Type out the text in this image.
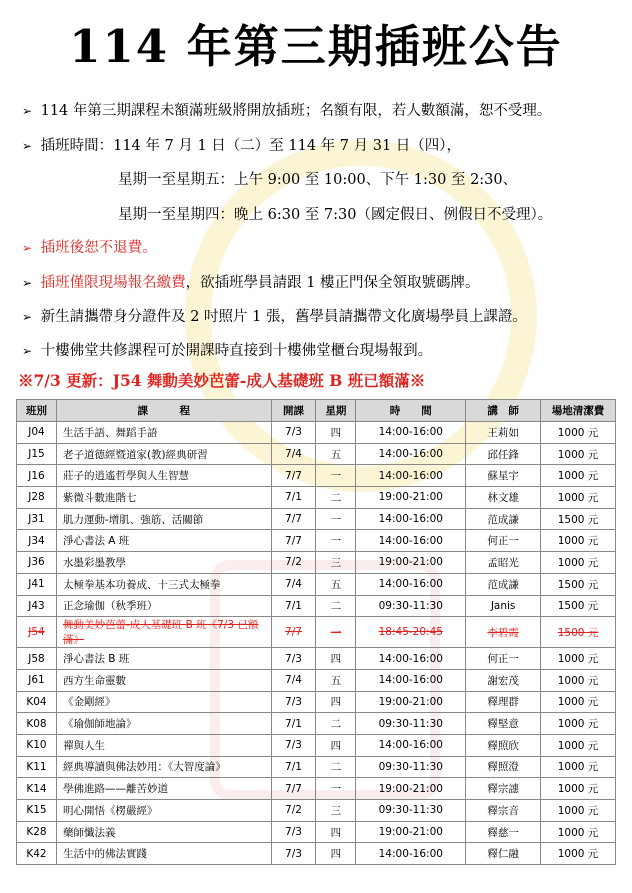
114 年第三期插班公告
➢ 114 年第三期課程未額滿班級將開放插班；名額有限，若人數額滿，恕不受理。
➢ 插班時間：114 年 7 月 1 日（二）至 114 年 7 月 31 日（四），
星期一至星期五：上午 9:00 至 10:00、下午 1:30 至 2:30、
星期一至星期四：晚上 6:30 至 7:30（國定假日、例假日不受理）。
➢ 插班後恕不退費。
➢ 插班僅限現場報名繳費，欲插班學員請跟 1 樓正門保全領取號碼牌。
➢ 新生請攜帶身分證件及 2 吋照片 1 張，舊學員請攜帶文化廣場學員上課證。
➢ 十樓佛堂共修課程可於開課時直接到十樓佛堂櫃台現場報到。
※7/3 更新：J54 舞動美妙芭蕾-成人基礎班 B 班已額滿※
班別	課　　　程	開課	星期	時　　間	講　師	場地清潔費
J04	生活手語、舞蹈手語	7/3	四	14:00-16:00	王莉如	1000 元
J15	老子道德經暨道家(教)經典研習	7/4	五	14:00-16:00	邱任鋒	1000 元
J16	莊子的逍遙哲學與人生智慧	7/7	一	14:00-16:00	蘇星宇	1000 元
J28	紫微斗數進階七	7/1	二	19:00-21:00	林文雄	1000 元
J31	肌力運動-增肌、強筋、活關節	7/7	一	14:00-16:00	范成謙	1500 元
J34	淨心書法 A 班	7/7	一	14:00-16:00	何正一	1000 元
J36	水墨彩墨教學	7/2	三	19:00-21:00	孟昭光	1000 元
J41	太極拳基本功養成、十三式太極拳	7/4	五	14:00-16:00	范成謙	1500 元
J43	正念瑜伽（秋季班）	7/1	二	09:30-11:30	Janis	1500 元
J54	舞動美妙芭蕾-成人基礎班 B 班《7/3 已額滿》	7/7	一	18:45-20:45	李碧霞	1500 元
J58	淨心書法 B 班	7/3	四	14:00-16:00	何正一	1000 元
J61	西方生命靈數	7/4	五	14:00-16:00	謝宏茂	1000 元
K04	《金剛經》	7/3	四	19:00-21:00	釋理群	1000 元
K08	《瑜伽師地論》	7/1	二	09:30-11:30	釋堅意	1000 元
K10	禪與人生	7/3	四	14:00-16:00	釋照欣	1000 元
K11	經典導讀與佛法妙用：《大智度論》	7/1	二	09:30-11:30	釋照澄	1000 元
K14	學佛進路——離苦妙道	7/7	一	19:00-21:00	釋宗譓	1000 元
K15	明心開悟《楞嚴經》	7/2	三	09:30-11:30	釋宗音	1000 元
K28	藥師懺法義	7/3	四	19:00-21:00	釋慈一	1000 元
K42	生活中的佛法實踐	7/3	四	14:00-16:00	釋仁融	1000 元
